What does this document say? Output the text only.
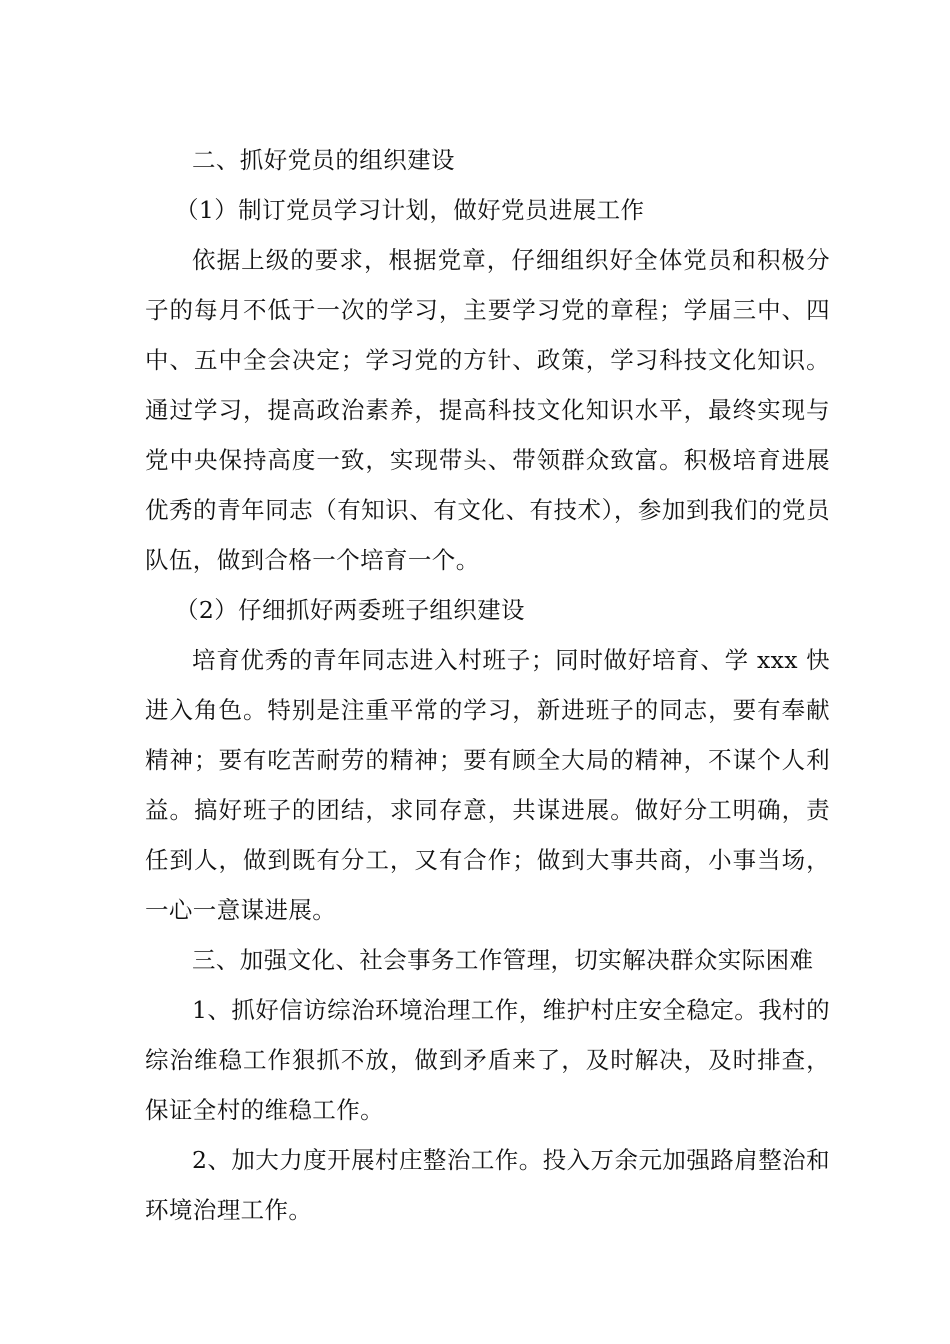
二、抓好党员的组织建设

（1）制订党员学习计划，做好党员进展工作

依据上级的要求，根据党章，仔细组织好全体党员和积极分子的每月不低于一次的学习，主要学习党的章程；学届三中、四中、五中全会决定；学习党的方针、政策，学习科技文化知识。通过学习，提高政治素养，提高科技文化知识水平，最终实现与党中央保持高度一致，实现带头、带领群众致富。积极培育进展优秀的青年同志（有知识、有文化、有技术），参加到我们的党员队伍，做到合格一个培育一个。

（2）仔细抓好两委班子组织建设

培育优秀的青年同志进入村班子；同时做好培育、学 xxx 快进入角色。特别是注重平常的学习，新进班子的同志，要有奉献精神；要有吃苦耐劳的精神；要有顾全大局的精神，不谋个人利益。搞好班子的团结，求同存意，共谋进展。做好分工明确，责任到人，做到既有分工，又有合作；做到大事共商，小事当场，一心一意谋进展。

三、加强文化、社会事务工作管理，切实解决群众实际困难

1、抓好信访综治环境治理工作，维护村庄安全稳定。我村的综治维稳工作狠抓不放，做到矛盾来了，及时解决，及时排查，保证全村的维稳工作。

2、加大力度开展村庄整治工作。投入万余元加强路肩整治和环境治理工作。
